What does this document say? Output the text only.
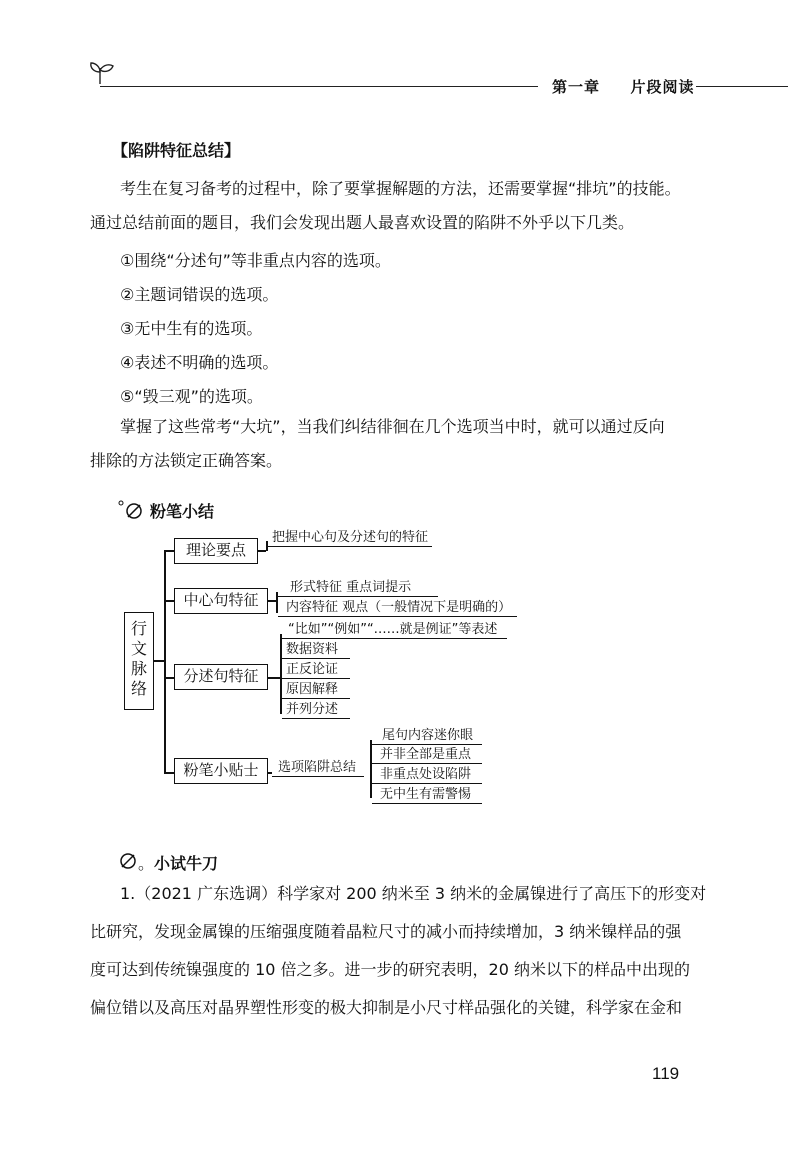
第一章 片段阅读
【陷阱特征总结】
考生在复习备考的过程中，除了要掌握解题的方法，还需要掌握“排坑”的技能。
通过总结前面的题目，我们会发现出题人最喜欢设置的陷阱不外乎以下几类。
①围绕“分述句”等非重点内容的选项。
②主题词错误的选项。
③无中生有的选项。
④表述不明确的选项。
⑤“毁三观”的选项。
掌握了这些常考“大坑”，当我们纠结徘徊在几个选项当中时，就可以通过反向
排除的方法锁定正确答案。
粉笔小结
行
文
脉
络
理论要点
把握中心句及分述句的特征
中心句特征
形式特征 重点词提示
内容特征 观点（一般情况下是明确的）
分述句特征
“比如”“例如”“……就是例证”等表述
数据资料
正反论证
原因解释
并列分述
粉笔小贴士	选项陷阱总结
尾句内容迷你眼
并非全部是重点
非重点处设陷阱
无中生有需警惕
。 小试牛刀
1.（2021 广东选调）科学家对 200 纳米至 3 纳米的金属镍进行了高压下的形变对
比研究，发现金属镍的压缩强度随着晶粒尺寸的减小而持续增加，3 纳米镍样品的强
度可达到传统镍强度的 10 倍之多。进一步的研究表明，20 纳米以下的样品中出现的
偏位错以及高压对晶界塑性形变的极大抑制是小尺寸样品强化的关键，科学家在金和
119
